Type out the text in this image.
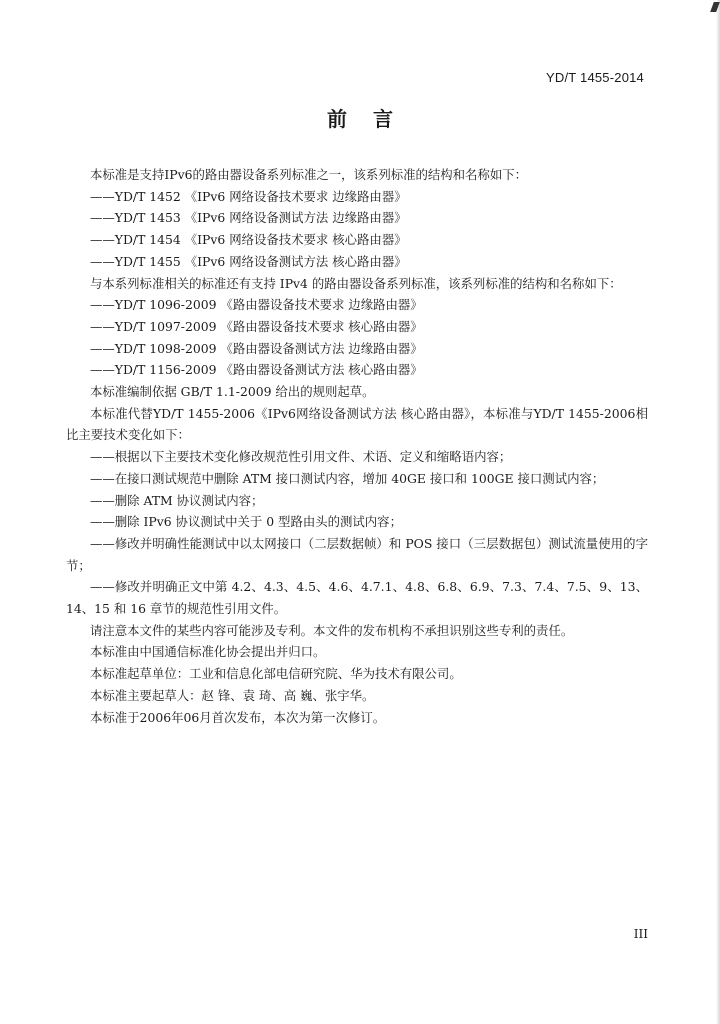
YD/T 1455-2014
前言

本标准是支持IPv6的路由器设备系列标准之一，该系列标准的结构和名称如下：

——YD/T 1452 《IPv6 网络设备技术要求 边缘路由器》

——YD/T 1453 《IPv6 网络设备测试方法 边缘路由器》

——YD/T 1454 《IPv6 网络设备技术要求 核心路由器》

——YD/T 1455 《IPv6 网络设备测试方法 核心路由器》

与本系列标准相关的标准还有支持 IPv4 的路由器设备系列标准，该系列标准的结构和名称如下：

——YD/T 1096-2009 《路由器设备技术要求 边缘路由器》

——YD/T 1097-2009 《路由器设备技术要求 核心路由器》

——YD/T 1098-2009 《路由器设备测试方法 边缘路由器》

——YD/T 1156-2009 《路由器设备测试方法 核心路由器》

本标准编制依据 GB/T 1.1-2009 给出的规则起草。

本标准代替YD/T 1455-2006《IPv6网络设备测试方法 核心路由器》，本标准与YD/T 1455-2006相比主要技术变化如下：

——根据以下主要技术变化修改规范性引用文件、术语、定义和缩略语内容；

——在接口测试规范中删除 ATM 接口测试内容，增加 40GE 接口和 100GE 接口测试内容；

——删除 ATM 协议测试内容；

——删除 IPv6 协议测试中关于 0 型路由头的测试内容；

——修改并明确性能测试中以太网接口（二层数据帧）和 POS 接口（三层数据包）测试流量使用的字节；

——修改并明确正文中第 4.2、4.3、4.5、4.6、4.7.1、4.8、6.8、6.9、7.3、7.4、7.5、9、13、14、15 和 16 章节的规范性引用文件。

请注意本文件的某些内容可能涉及专利。本文件的发布机构不承担识别这些专利的责任。

本标准由中国通信标准化协会提出并归口。

本标准起草单位：工业和信息化部电信研究院、华为技术有限公司。

本标准主要起草人：赵 锋、袁 琦、高 巍、张宇华。

本标准于2006年06月首次发布，本次为第一次修订。

III
